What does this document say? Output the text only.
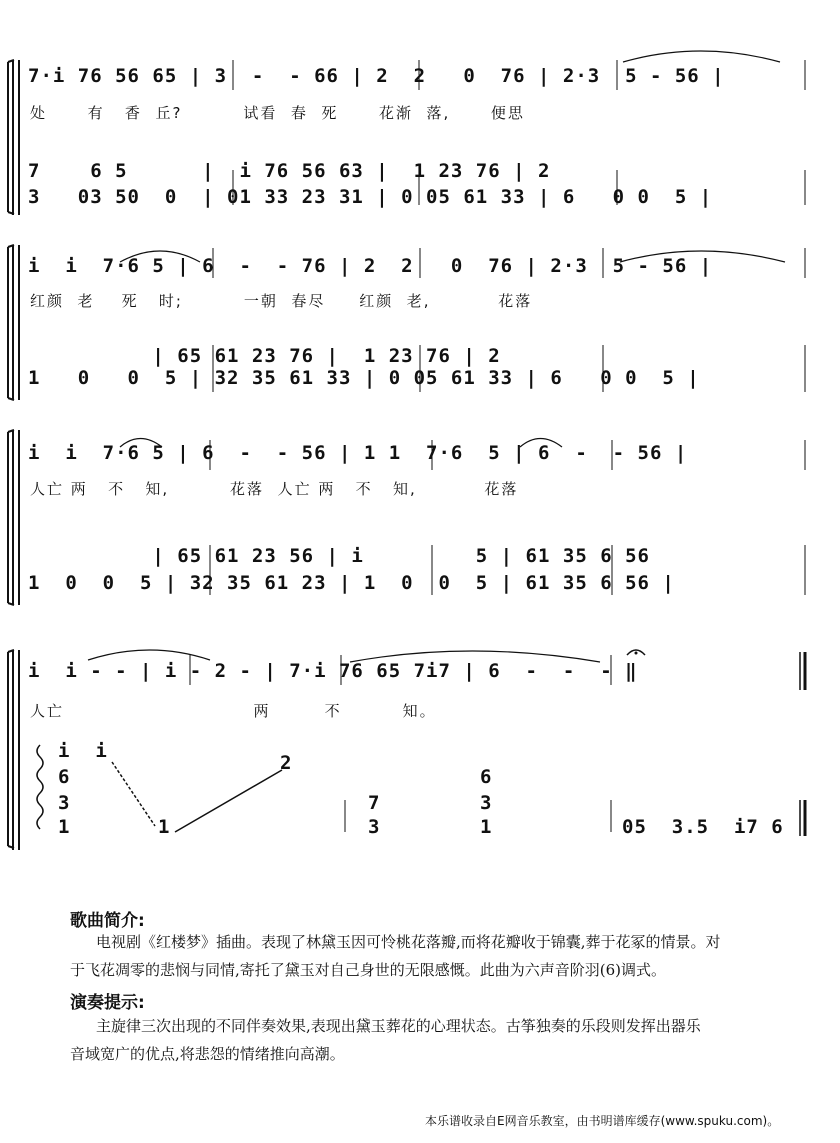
7·i 76 56 65 | 3  -  - 66 | 2  2   0  76 | 2·3  5 - 56 |
处      有   香  丘?         试看  春  死      花渐  落,      便思
7    6 5      |  i 76 56 63 |  1 23 76 | 2
3   03 50  0  | 01 33 23 31 | 0 05 61 33 | 6   0 0  5 |
i  i  7·6 5 | 6  -  - 76 | 2  2   0  76 | 2·3  5 - 56 |
红颜  老    死   时;         一朝  春尽     红颜  老,          花落
| 65 61 23 76 |  1 23 76 | 2
1   0   0  5 | 32 35 61 33 | 0 05 61 33 | 6   0 0  5 |
i  i  7·6 5 | 6  -  - 56 | 1 1  7·6  5 | 6  -  - 56 |
人亡 两   不   知,         花落  人亡 两   不   知,          花落
| 65 61 23 56 | i         5 | 61 35 6 56
1  0  0  5 | 32 35 61 23 | 1  0  0  5 | 61 35 6 56 |
i  i - - | i - 2 - | 7·i 76 65 7i7 | 6  -  -  - ‖
人亡                            两        不         知。
i  i
6
3
1
2
1
7
3
6
3
1	05  3.5  i7 6
歌曲简介:
电视剧《红楼梦》插曲。表现了林黛玉因可怜桃花落瓣,而将花瓣收于锦囊,葬于花冢的情景。对
于飞花凋零的悲悯与同情,寄托了黛玉对自己身世的无限感慨。此曲为六声音阶羽(6)调式。
演奏提示:
主旋律三次出现的不同伴奏效果,表现出黛玉葬花的心理状态。古筝独奏的乐段则发挥出器乐
音域宽广的优点,将悲怨的情绪推向高潮。
本乐谱收录自E网音乐教室，由书明谱库缓存(www.spuku.com)。
